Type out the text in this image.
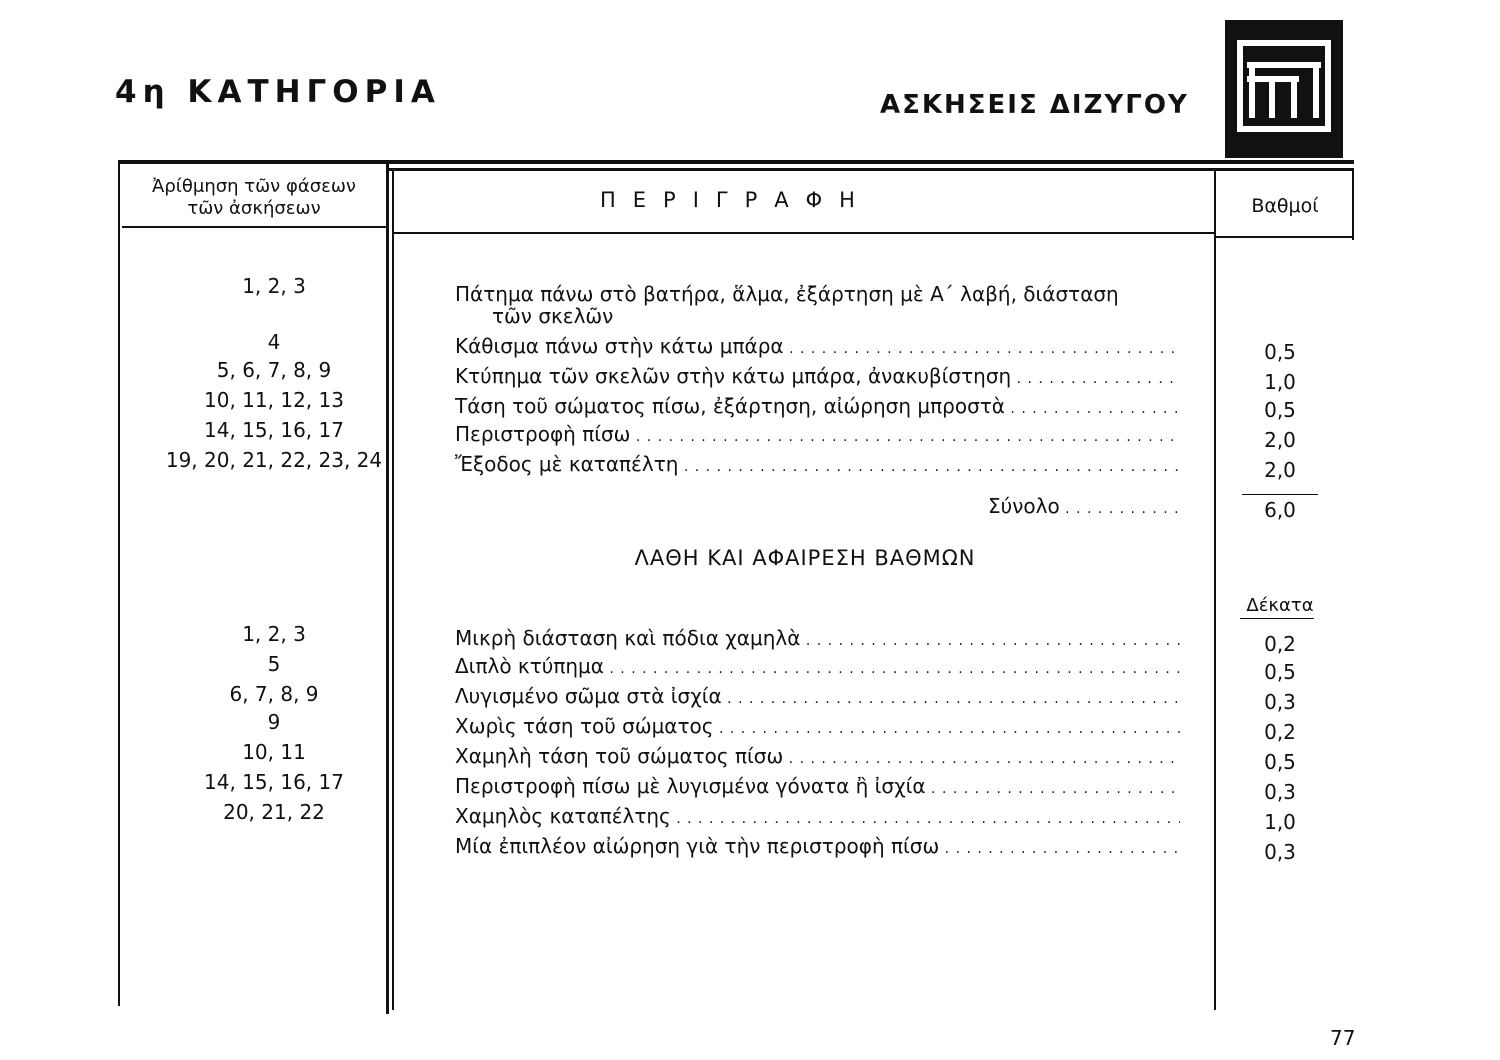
4η ΚΑΤΗΓΟΡΙΑ	ΑΣΚΗΣΕΙΣ ΔΙΖΥΓΟΥ
Ἀρίθμηση τῶν φάσεων
τῶν ἀσκήσεων	ΠΕΡΙΓΡΑΦΗ	Βαθμοί
1, 2, 3	Πάτημα πάνω στὸ βατήρα, ἅλμα, ἐξάρτηση μὲ Α΄ λαβή, διάσταση
τῶν σκελῶν
4	Κάθισμα πάνω στὴν κάτω μπάρα . . .	0,5
5, 6, 7, 8, 9	Κτύπημα τῶν σκελῶν στὴν κάτω μπάρα, ἀνακυβίστηση . . .	1,0
10, 11, 12, 13	Τάση τοῦ σώματος πίσω, ἐξάρτηση, αἰώρηση μπροστὰ . . .	0,5
14, 15, 16, 17	Περιστροφὴ πίσω . . .	2,0
19, 20, 21, 22, 23, 24	Ἔξοδος μὲ καταπέλτη . . .	2,0
Σύνολο . . .	6,0
ΛΑΘΗ ΚΑΙ ΑΦΑΙΡΕΣΗ ΒΑΘΜΩΝ
Δέκατα
1, 2, 3	Μικρὴ διάσταση καὶ πόδια χαμηλὰ . . .	0,2
5	Διπλὸ κτύπημα . . .	0,5
6, 7, 8, 9	Λυγισμένο σῶμα στὰ ἰσχία . . .	0,3
9	Χωρὶς τάση τοῦ σώματος . . .	0,2
10, 11	Χαμηλὴ τάση τοῦ σώματος πίσω . . .	0,5
14, 15, 16, 17	Περιστροφὴ πίσω μὲ λυγισμένα γόνατα ἢ ἰσχία . . .	0,3
20, 21, 22	Χαμηλὸς καταπέλτης . . .	1,0
Μία ἐπιπλέον αἰώρηση γιὰ τὴν περιστροφὴ πίσω . . .	0,3
77
